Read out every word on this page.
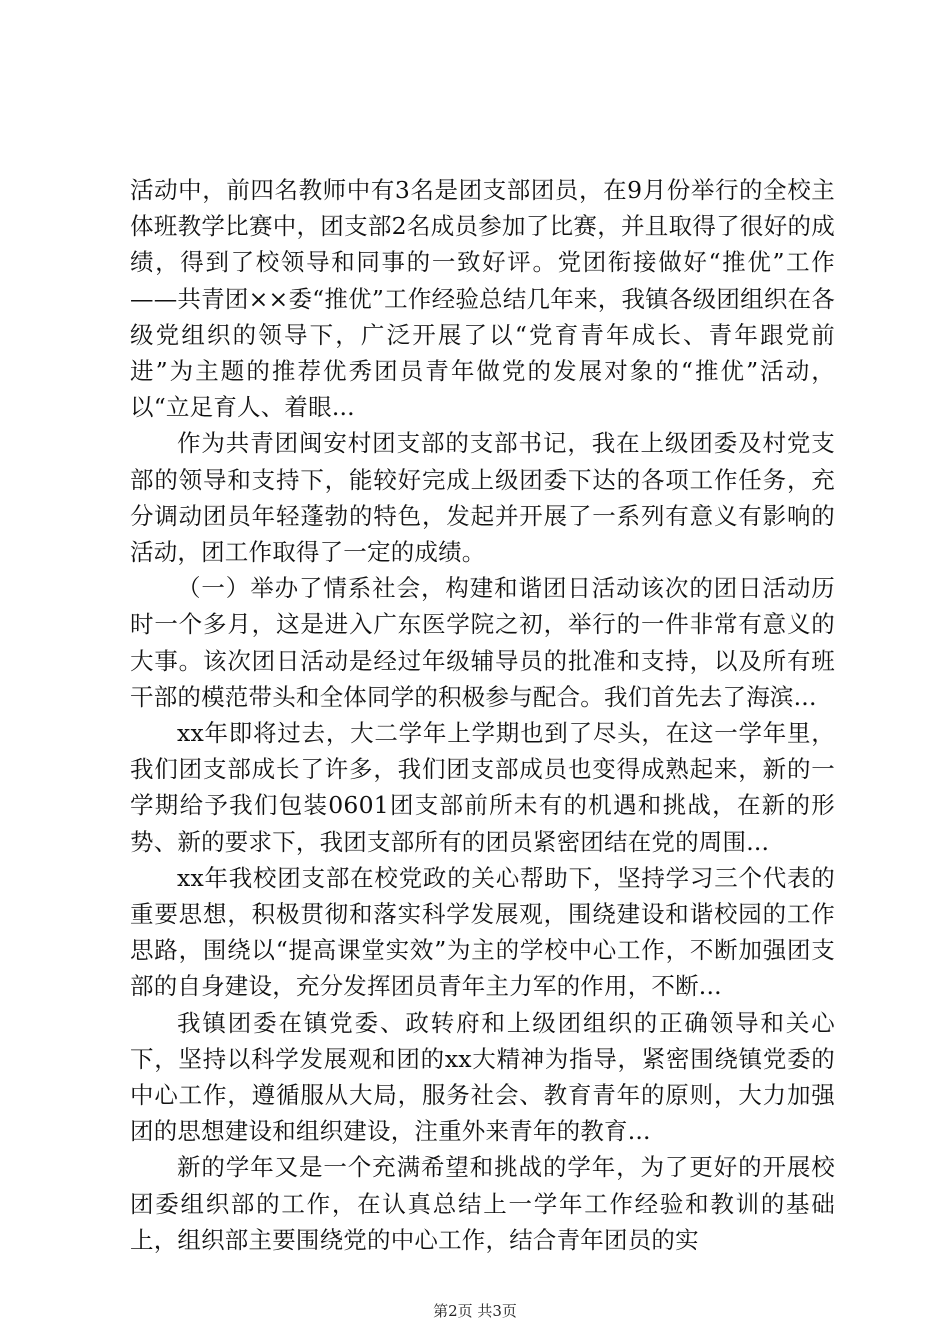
活动中，前四名教师中有3名是团支部团员，在9月份举行的全校主体班教学比赛中，团支部2名成员参加了比赛，并且取得了很好的成绩，得到了校领导和同事的一致好评。党团衔接做好“推优”工作——共青团××委“推优”工作经验总结几年来，我镇各级团组织在各级党组织的领导下，广泛开展了以“党育青年成长、青年跟党前进”为主题的推荐优秀团员青年做党的发展对象的“推优”活动，以“立足育人、着眼...

作为共青团闽安村团支部的支部书记，我在上级团委及村党支部的领导和支持下，能较好完成上级团委下达的各项工作任务，充分调动团员年轻蓬勃的特色，发起并开展了一系列有意义有影响的活动，团工作取得了一定的成绩。

（一）举办了情系社会，构建和谐团日活动该次的团日活动历时一个多月，这是进入广东医学院之初，举行的一件非常有意义的大事。该次团日活动是经过年级辅导员的批准和支持，以及所有班干部的模范带头和全体同学的积极参与配合。我们首先去了海滨...

xx年即将过去，大二学年上学期也到了尽头，在这一学年里，我们团支部成长了许多，我们团支部成员也变得成熟起来，新的一学期给予我们包装0601团支部前所未有的机遇和挑战，在新的形势、新的要求下，我团支部所有的团员紧密团结在党的周围...

xx年我校团支部在校党政的关心帮助下，坚持学习三个代表的重要思想，积极贯彻和落实科学发展观，围绕建设和谐校园的工作思路，围绕以“提高课堂实效”为主的学校中心工作，不断加强团支部的自身建设，充分发挥团员青年主力军的作用，不断...

我镇团委在镇党委、政转府和上级团组织的正确领导和关心下，坚持以科学发展观和团的xx大精神为指导，紧密围绕镇党委的中心工作，遵循服从大局，服务社会、教育青年的原则，大力加强团的思想建设和组织建设，注重外来青年的教育...

新的学年又是一个充满希望和挑战的学年，为了更好的开展校团委组织部的工作，在认真总结上一学年工作经验和教训的基础上，组织部主要围绕党的中心工作，结合青年团员的实

第2页 共3页
